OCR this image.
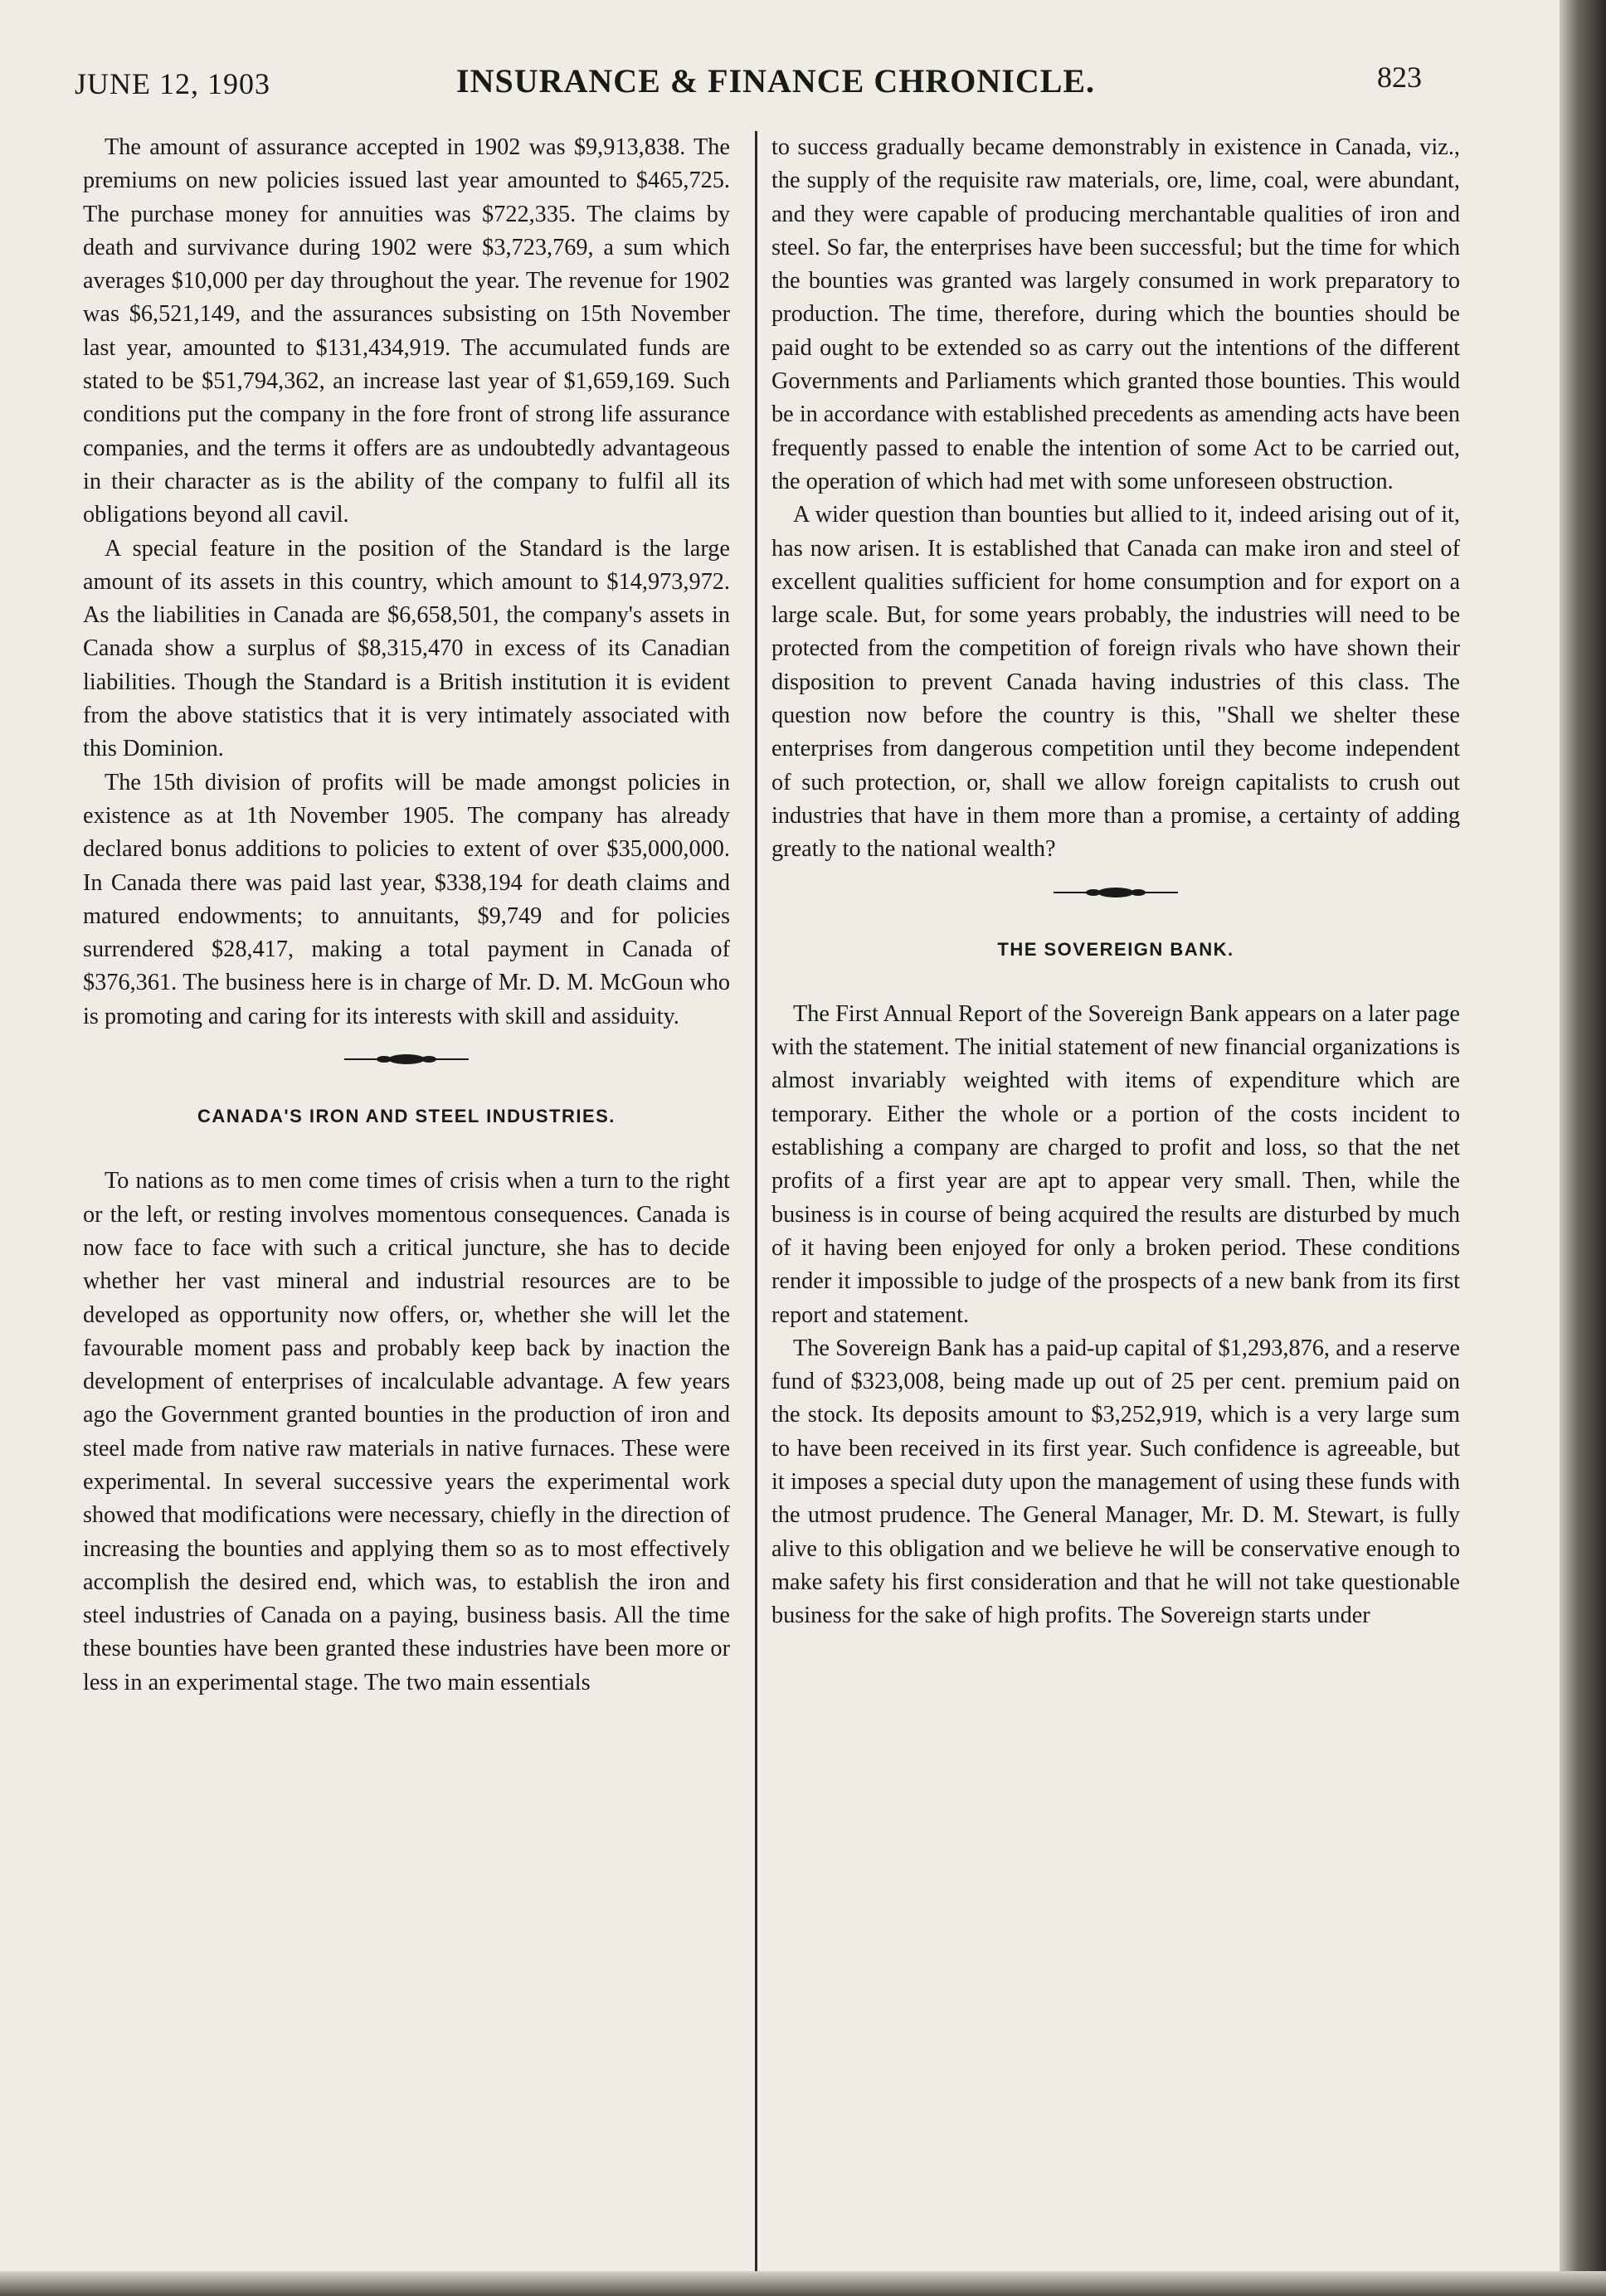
JUNE 12, 1903	INSURANCE & FINANCE CHRONICLE.	823

The amount of assurance accepted in 1902 was $9,913,838. The premiums on new policies issued last year amounted to $465,725. The purchase money for annuities was $722,335. The claims by death and survivance during 1902 were $3,723,769, a sum which averages $10,000 per day throughout the year. The revenue for 1902 was $6,521,149, and the assurances subsisting on 15th November last year, amounted to $131,434,919. The accumulated funds are stated to be $51,794,362, an increase last year of $1,659,169. Such conditions put the company in the fore front of strong life assurance companies, and the terms it offers are as undoubtedly advantageous in their character as is the ability of the company to fulfil all its obligations beyond all cavil.

A special feature in the position of the Standard is the large amount of its assets in this country, which amount to $14,973,972. As the liabilities in Canada are $6,658,501, the company's assets in Canada show a surplus of $8,315,470 in excess of its Canadian liabilities. Though the Standard is a British institution it is evident from the above statistics that it is very intimately associated with this Dominion.

The 15th division of profits will be made amongst policies in existence as at 1th November 1905. The company has already declared bonus additions to policies to extent of over $35,000,000. In Canada there was paid last year, $338,194 for death claims and matured endowments; to annuitants, $9,749 and for policies surrendered $28,417, making a total payment in Canada of $376,361. The business here is in charge of Mr. D. M. McGoun who is promoting and caring for its interests with skill and assiduity.

CANADA'S IRON AND STEEL INDUSTRIES.

To nations as to men come times of crisis when a turn to the right or the left, or resting involves momentous consequences. Canada is now face to face with such a critical juncture, she has to decide whether her vast mineral and industrial resources are to be developed as opportunity now offers, or, whether she will let the favourable moment pass and probably keep back by inaction the development of enterprises of incalculable advantage. A few years ago the Government granted bounties in the production of iron and steel made from native raw materials in native furnaces. These were experimental. In several successive years the experimental work showed that modifications were necessary, chiefly in the direction of increasing the bounties and applying them so as to most effectively accomplish the desired end, which was, to establish the iron and steel industries of Canada on a paying, business basis. All the time these bounties have been granted these industries have been more or less in an experimental stage. The two main essentials

to success gradually became demonstrably in existence in Canada, viz., the supply of the requisite raw materials, ore, lime, coal, were abundant, and they were capable of producing merchantable qualities of iron and steel. So far, the enterprises have been successful; but the time for which the bounties was granted was largely consumed in work preparatory to production. The time, therefore, during which the bounties should be paid ought to be extended so as carry out the intentions of the different Governments and Parliaments which granted those bounties. This would be in accordance with established precedents as amending acts have been frequently passed to enable the intention of some Act to be carried out, the operation of which had met with some unforeseen obstruction.

A wider question than bounties but allied to it, indeed arising out of it, has now arisen. It is established that Canada can make iron and steel of excellent qualities sufficient for home consumption and for export on a large scale. But, for some years probably, the industries will need to be protected from the competition of foreign rivals who have shown their disposition to prevent Canada having industries of this class. The question now before the country is this, "Shall we shelter these enterprises from dangerous competition until they become independent of such protection, or, shall we allow foreign capitalists to crush out industries that have in them more than a promise, a certainty of adding greatly to the national wealth?

THE SOVEREIGN BANK.

The First Annual Report of the Sovereign Bank appears on a later page with the statement. The initial statement of new financial organizations is almost invariably weighted with items of expenditure which are temporary. Either the whole or a portion of the costs incident to establishing a company are charged to profit and loss, so that the net profits of a first year are apt to appear very small. Then, while the business is in course of being acquired the results are disturbed by much of it having been enjoyed for only a broken period. These conditions render it impossible to judge of the prospects of a new bank from its first report and statement.

The Sovereign Bank has a paid-up capital of $1,293,876, and a reserve fund of $323,008, being made up out of 25 per cent. premium paid on the stock. Its deposits amount to $3,252,919, which is a very large sum to have been received in its first year. Such confidence is agreeable, but it imposes a special duty upon the management of using these funds with the utmost prudence. The General Manager, Mr. D. M. Stewart, is fully alive to this obligation and we believe he will be conservative enough to make safety his first consideration and that he will not take questionable business for the sake of high profits. The Sovereign starts under
